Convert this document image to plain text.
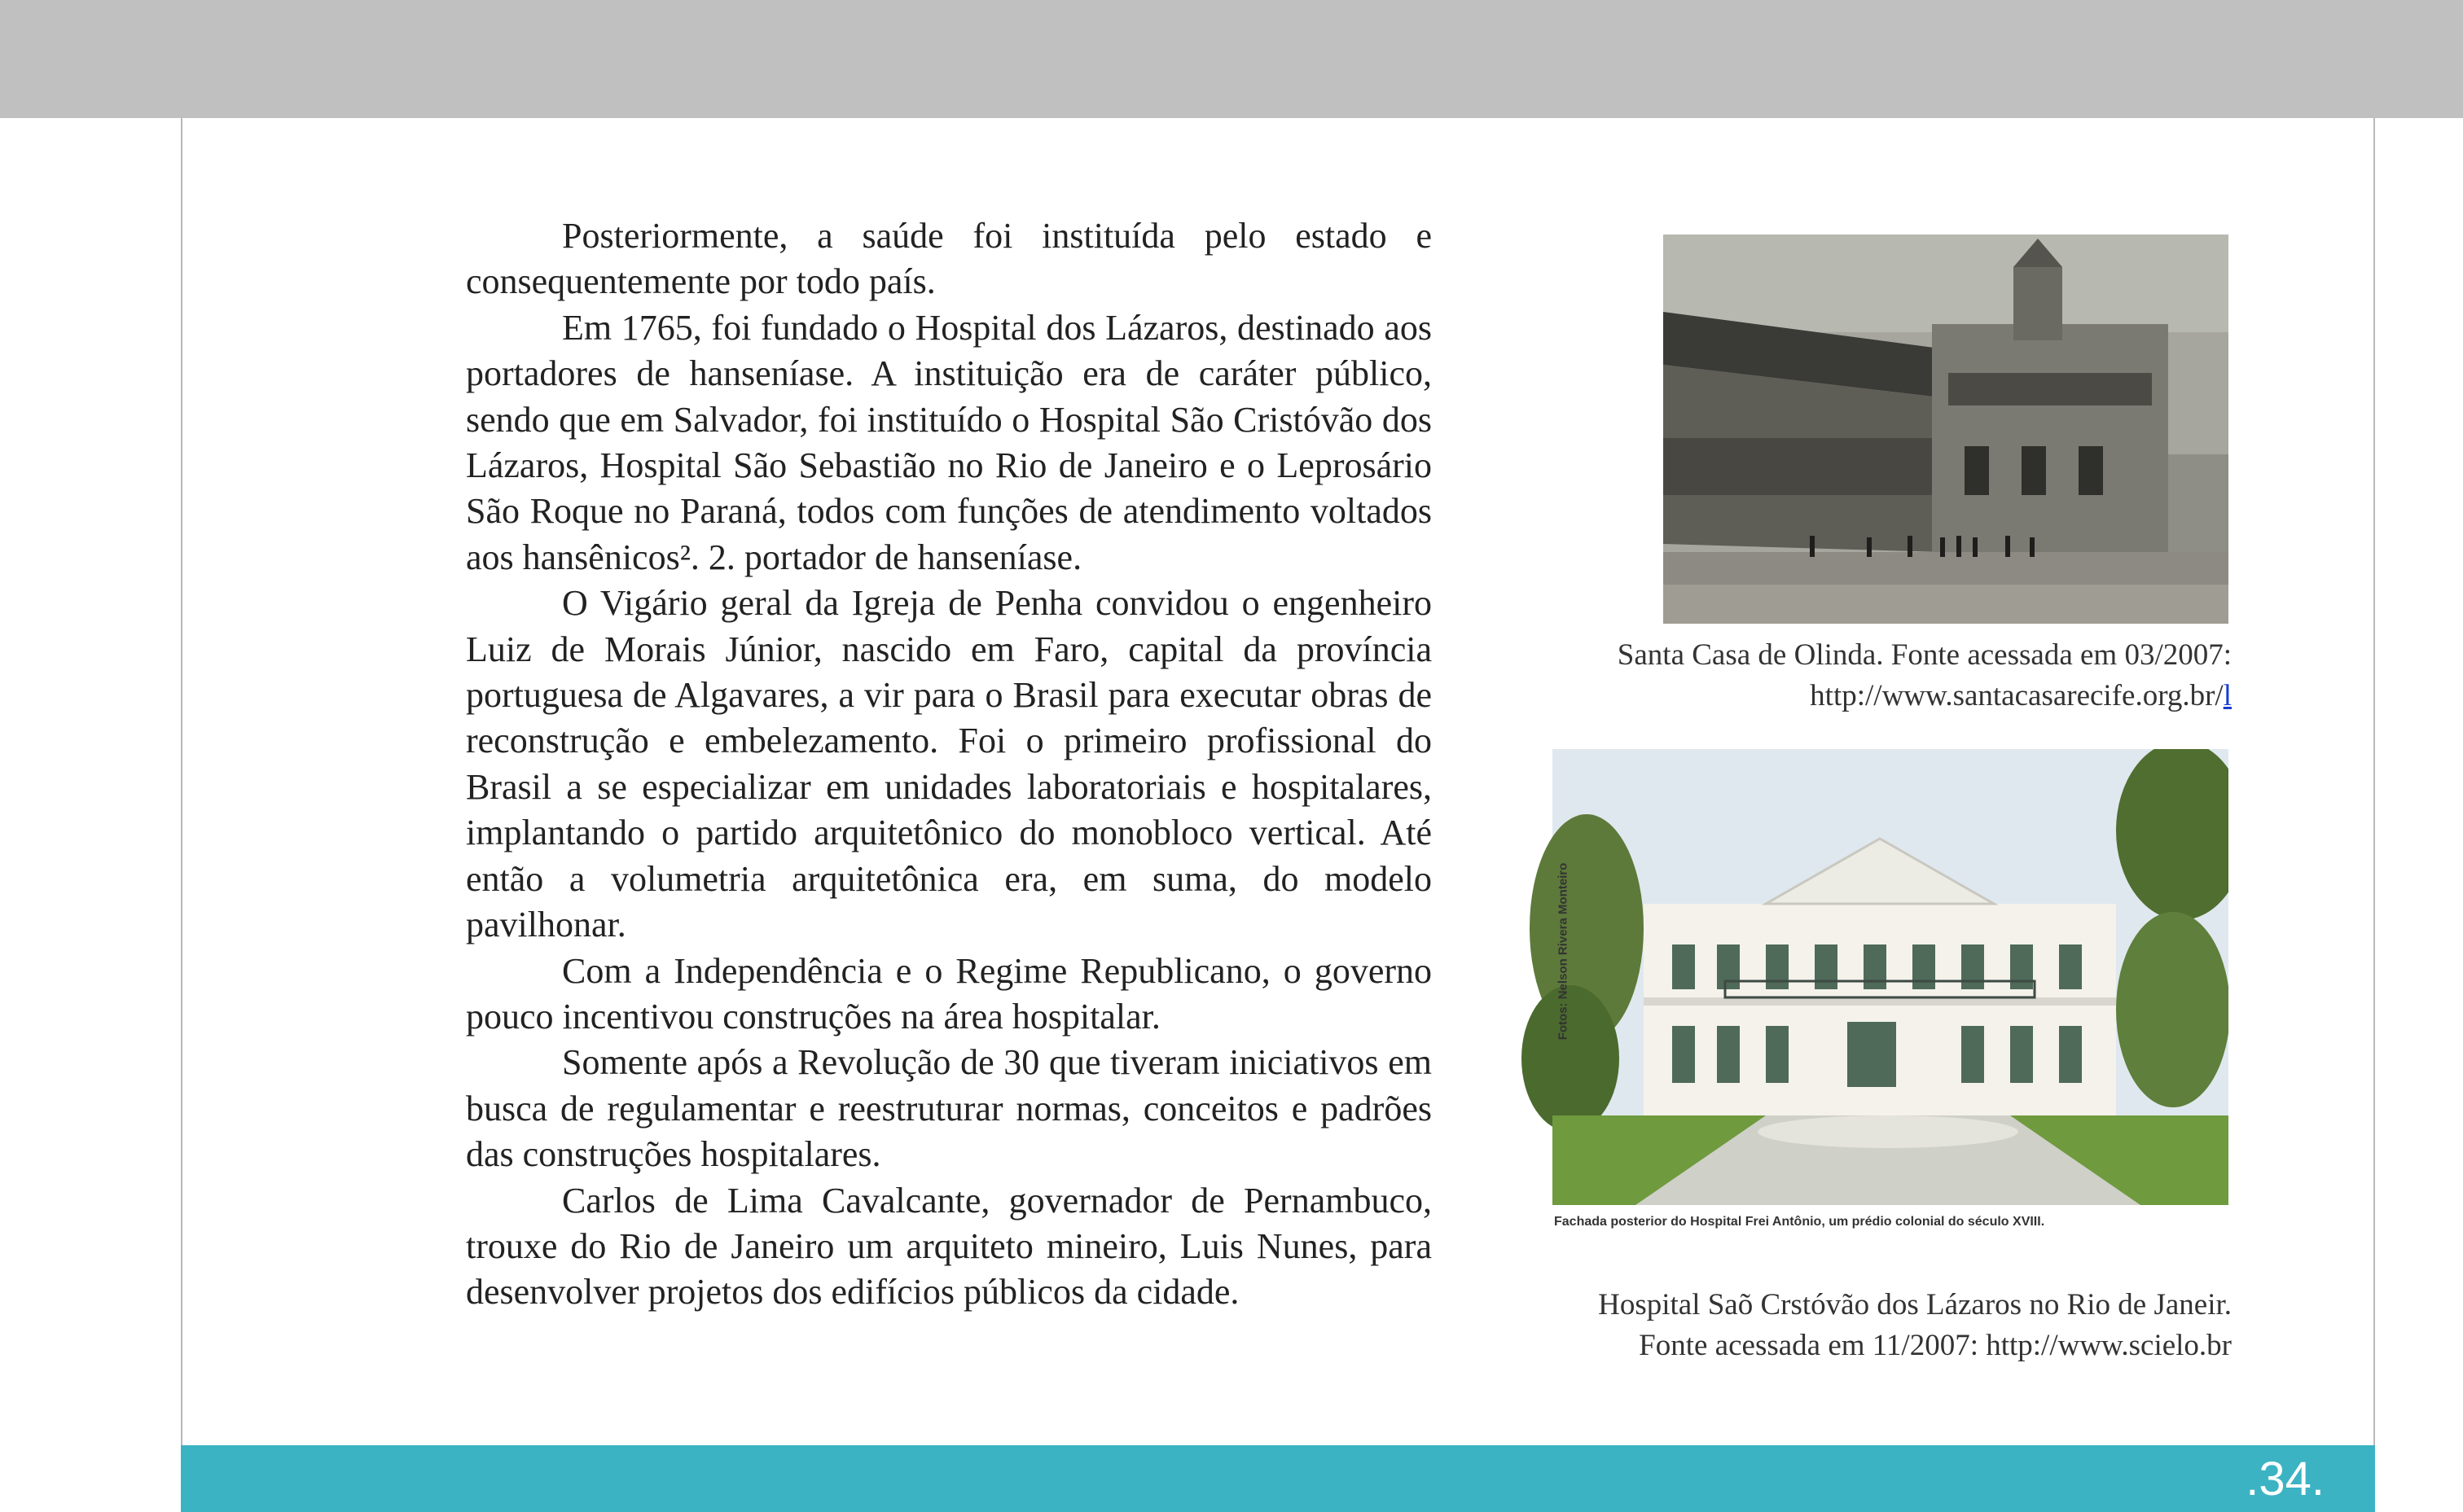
Posteriormente, a saúde foi instituída pelo estado e consequentemente por todo país.

Em 1765, foi fundado o Hospital dos Lázaros, destinado aos portadores de hanseníase. A instituição era de caráter público, sendo que em Salvador, foi instituído o Hospital São Cristóvão dos Lázaros, Hospital São Sebastião no Rio de Janeiro e o Leprosário São Roque no Paraná, todos com funções de atendimento voltados aos hansênicos². 2. portador de hanseníase.

O Vigário geral da Igreja de Penha convidou o engenheiro Luiz de Morais Júnior, nascido em Faro, capital da província portuguesa de Algavares, a vir para o Brasil para executar obras de reconstrução e embelezamento. Foi o primeiro profissional do Brasil a se especializar em unidades laboratoriais e hospitalares, implantando o partido arquitetônico do monobloco vertical. Até então a volumetria arquitetônica era, em suma, do modelo pavilhonar.

Com a Independência e o Regime Republicano, o governo pouco incentivou construções na área hospitalar.

Somente após a Revolução de 30 que tiveram iniciativos em busca de regulamentar e reestruturar normas, conceitos e padrões das construções hospitalares.

Carlos de Lima Cavalcante, governador de Pernambuco, trouxe do Rio de Janeiro um arquiteto mineiro, Luis Nunes, para desenvolver projetos dos edifícios públicos da cidade.

Santa Casa de Olinda. Fonte acessada em 03/2007:
http://www.santacasarecife.org.br/l
Fotos: Nelson Rivera Monteiro
Fachada posterior do Hospital Frei Antônio, um prédio colonial do século XVIII.
Hospital Saõ Crstóvão dos Lázaros no Rio de Janeir.
Fonte acessada em 11/2007: http://www.scielo.br
.34.
